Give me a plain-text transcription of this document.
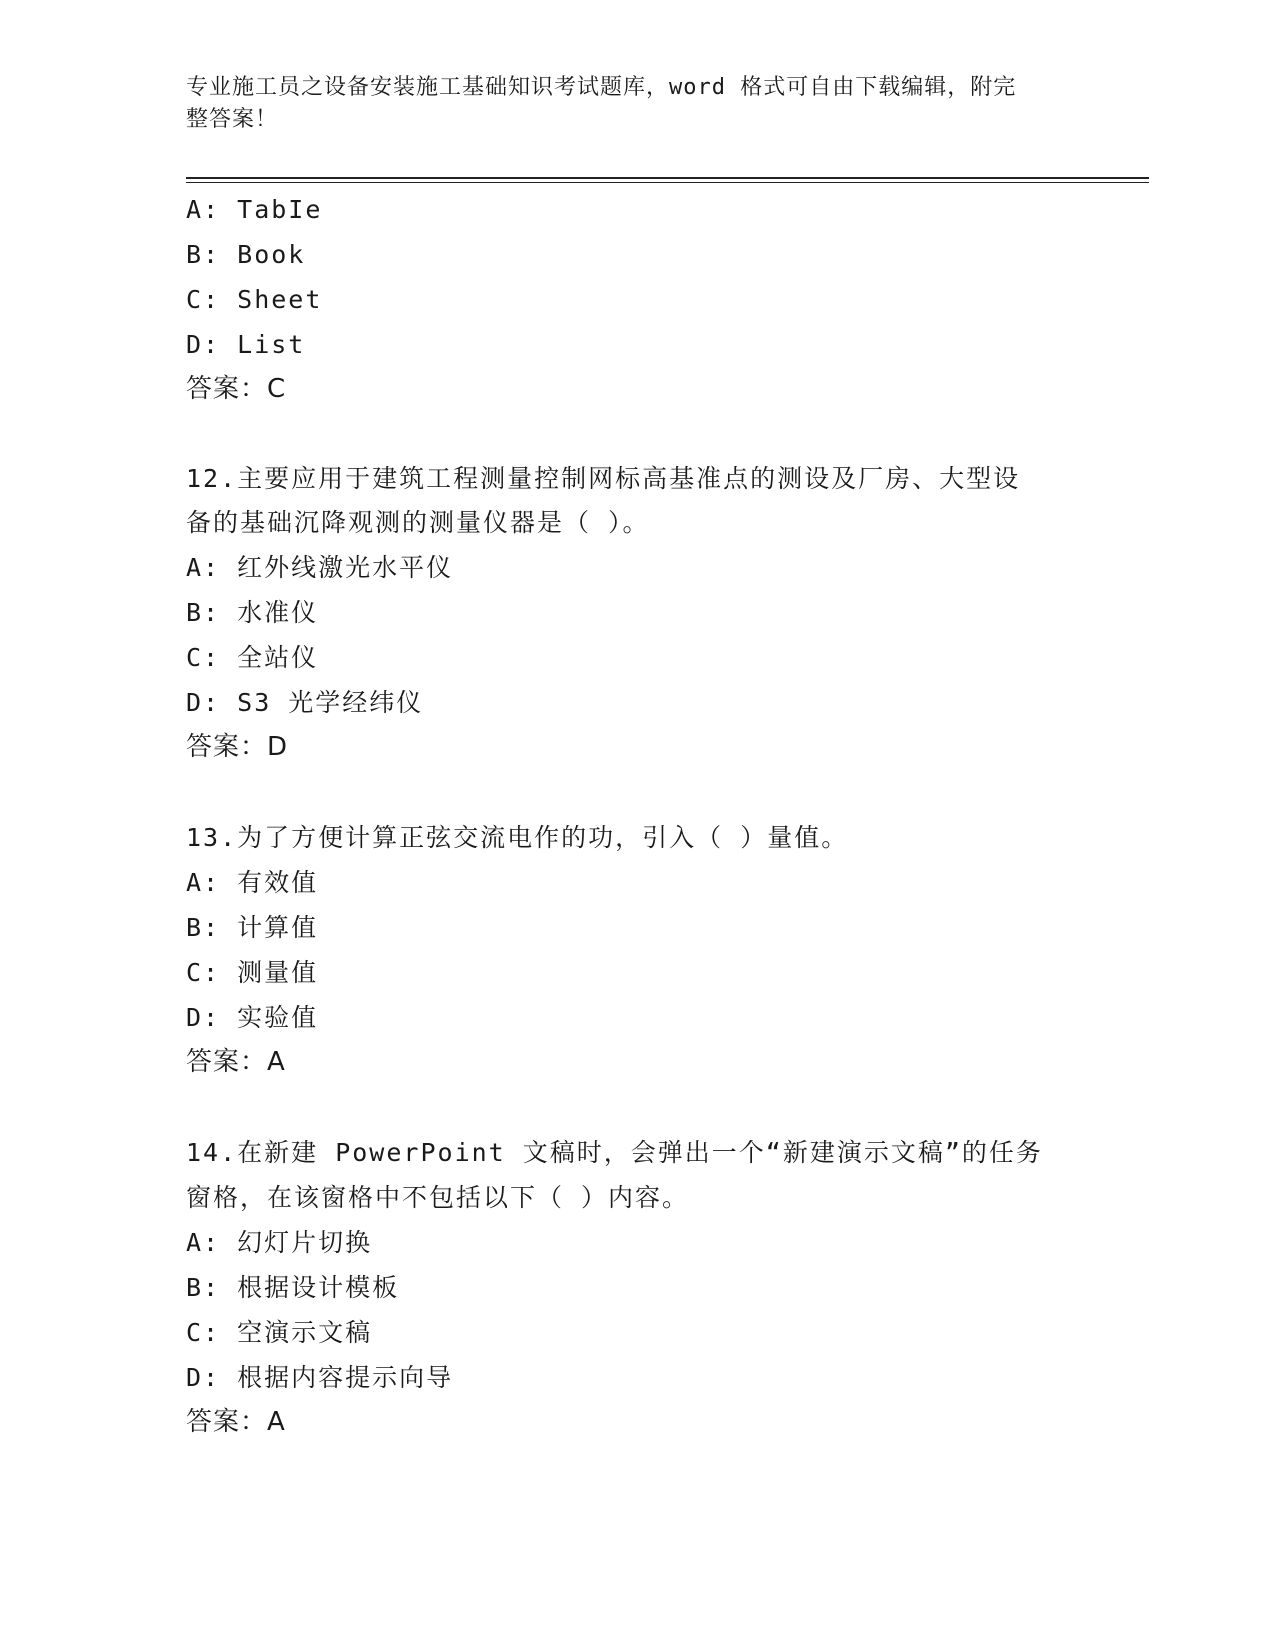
专业施工员之设备安装施工基础知识考试题库，word 格式可自由下载编辑，附完
整答案！
A: TabIe
B: Book
C: Sheet
D: List
答案：C
12.主要应用于建筑工程测量控制网标高基准点的测设及厂房、大型设
备的基础沉降观测的测量仪器是（ ）。
A: 红外线激光水平仪
B: 水准仪
C: 全站仪
D: S3 光学经纬仪
答案：D
13.为了方便计算正弦交流电作的功，引入（ ）量值。
A: 有效值
B: 计算值
C: 测量值
D: 实验值
答案：A
14.在新建 PowerPoint 文稿时，会弹出一个“新建演示文稿”的任务
窗格，在该窗格中不包括以下（ ）内容。
A: 幻灯片切换
B: 根据设计模板
C: 空演示文稿
D: 根据内容提示向导
答案：A
